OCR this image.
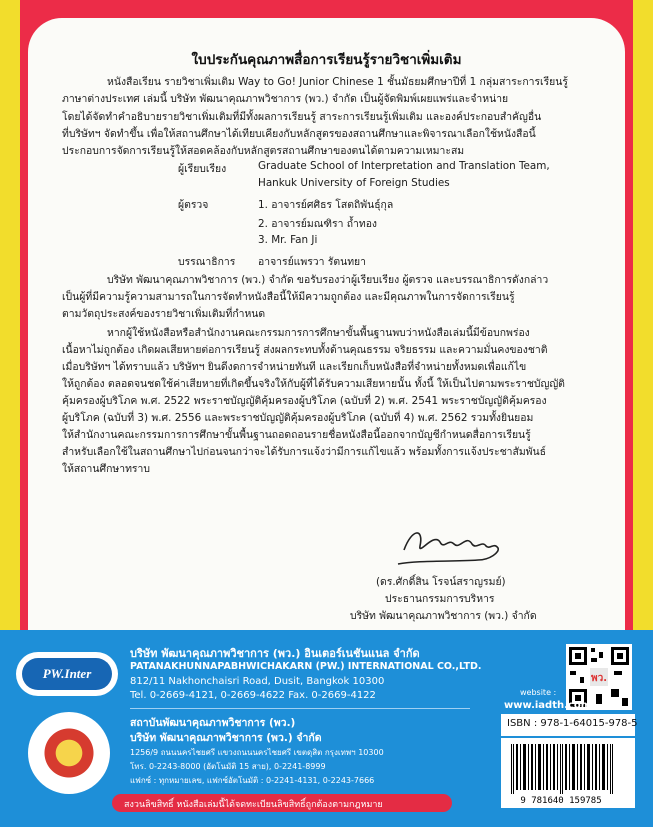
ใบประกันคุณภาพสื่อการเรียนรู้รายวิชาเพิ่มเติม
หนังสือเรียน รายวิชาเพิ่มเติม Way to Go! Junior Chinese 1 ชั้นมัธยมศึกษาปีที่ 1 กลุ่มสาระการเรียนรู้
ภาษาต่างประเทศ เล่มนี้ บริษัท พัฒนาคุณภาพวิชาการ (พว.) จำกัด เป็นผู้จัดพิมพ์เผยแพร่และจำหน่าย
โดยได้จัดทำคำอธิบายรายวิชาเพิ่มเติมที่มีทั้งผลการเรียนรู้ สาระการเรียนรู้เพิ่มเติม และองค์ประกอบสำคัญอื่น
ที่บริษัทฯ จัดทำขึ้น เพื่อให้สถานศึกษาได้เทียบเคียงกับหลักสูตรของสถานศึกษาและพิจารณาเลือกใช้หนังสือนี้
ประกอบการจัดการเรียนรู้ให้สอดคล้องกับหลักสูตรสถานศึกษาของตนได้ตามความเหมาะสม
ผู้เรียบเรียง	Graduate School of Interpretation and Translation Team,
Hankuk University of Foreign Studies
ผู้ตรวจ	1. อาจารย์ศศิธร โสตถิพันธุ์กุล
2. อาจารย์มณฑิรา ถ้ำทอง
3. Mr. Fan Ji
บรรณาธิการ อาจารย์แพรวา รัตนทยา
บริษัท พัฒนาคุณภาพวิชาการ (พว.) จำกัด ขอรับรองว่าผู้เรียบเรียง ผู้ตรวจ และบรรณาธิการดังกล่าว
เป็นผู้ที่มีความรู้ความสามารถในการจัดทำหนังสือนี้ให้มีความถูกต้อง และมีคุณภาพในการจัดการเรียนรู้
ตามวัตถุประสงค์ของรายวิชาเพิ่มเติมที่กำหนด
หากผู้ใช้หนังสือหรือสำนักงานคณะกรรมการการศึกษาขั้นพื้นฐานพบว่าหนังสือเล่มนี้มีข้อบกพร่อง
เนื้อหาไม่ถูกต้อง เกิดผลเสียหายต่อการเรียนรู้ ส่งผลกระทบทั้งด้านคุณธรรม จริยธรรม และความมั่นคงของชาติ
เมื่อบริษัทฯ ได้ทราบแล้ว บริษัทฯ ยินดีงดการจำหน่ายทันที และเรียกเก็บหนังสือที่จำหน่ายทั้งหมดเพื่อแก้ไข
ให้ถูกต้อง ตลอดจนชดใช้ค่าเสียหายที่เกิดขึ้นจริงให้กับผู้ที่ได้รับความเสียหายนั้น ทั้งนี้ ให้เป็นไปตามพระราชบัญญัติ
คุ้มครองผู้บริโภค พ.ศ. 2522 พระราชบัญญัติคุ้มครองผู้บริโภค (ฉบับที่ 2) พ.ศ. 2541 พระราชบัญญัติคุ้มครอง
ผู้บริโภค (ฉบับที่ 3) พ.ศ. 2556 และพระราชบัญญัติคุ้มครองผู้บริโภค (ฉบับที่ 4) พ.ศ. 2562 รวมทั้งยินยอม
ให้สำนักงานคณะกรรมการการศึกษาขั้นพื้นฐานถอดถอนรายชื่อหนังสือนี้ออกจากบัญชีกำหนดสื่อการเรียนรู้
สำหรับเลือกใช้ในสถานศึกษาไปก่อนจนกว่าจะได้รับการแจ้งว่ามีการแก้ไขแล้ว พร้อมทั้งการแจ้งประชาสัมพันธ์
ให้สถานศึกษาทราบ
(ดร.ศักดิ์สิน โรจน์สราญรมย์)
ประธานกรรมการบริหาร
บริษัท พัฒนาคุณภาพวิชาการ (พว.) จำกัด
PW.Inter
บริษัท พัฒนาคุณภาพวิชาการ (พว.) อินเตอร์เนชันแนล จำกัด
PATANAKHUNNAPABHWICHAKARN (PW.) INTERNATIONAL CO.,LTD.
812/11 Nakhonchaisri Road, Dusit, Bangkok 10300
Tel. 0-2669-4121, 0-2669-4622 Fax. 0-2669-4122
สถาบันพัฒนาคุณภาพวิชาการ (พว.)
บริษัท พัฒนาคุณภาพวิชาการ (พว.) จำกัด
1256/9 ถนนนครไชยศรี แขวงถนนนครไชยศรี เขตดุสิต กรุงเทพฯ 10300
โทร. 0-2243-8000 (อัตโนมัติ 15 สาย), 0-2241-8999
แฟกซ์ : ทุกหมายเลข, แฟกซ์อัตโนมัติ : 0-2241-4131, 0-2243-7666
สงวนลิขสิทธิ์ หนังสือเล่มนี้ได้จดทะเบียนลิขสิทธิ์ถูกต้องตามกฎหมาย
พว.
website :
www.iadth.com
ISBN : 978-1-64015-978-5
9 781640 159785
